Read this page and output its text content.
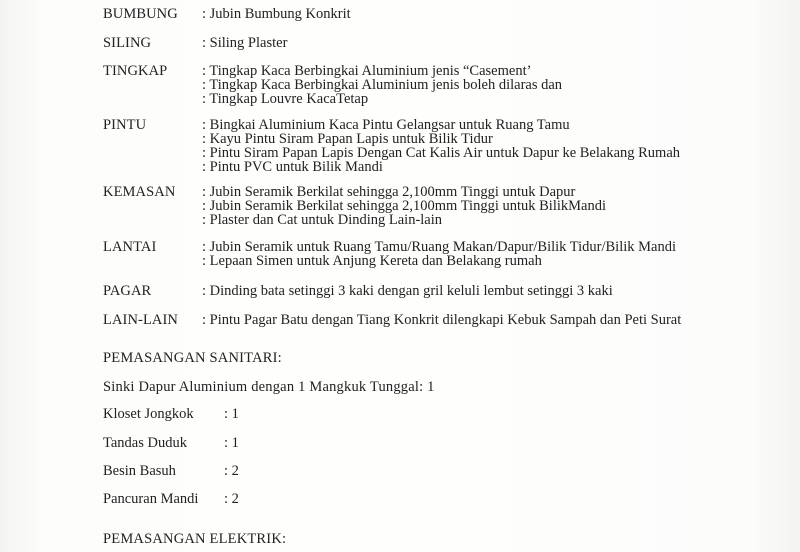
BUMBUNG	: Jubin Bumbung Konkrit
SILING	: Siling Plaster
TINGKAP	: Tingkap Kaca Berbingkai Aluminium jenis “Casement’
: Tingkap Kaca Berbingkai Aluminium jenis boleh dilaras dan
: Tingkap Louvre KacaTetap
PINTU	: Bingkai Aluminium Kaca Pintu Gelangsar untuk Ruang Tamu
: Kayu Pintu Siram Papan Lapis untuk Bilik Tidur
: Pintu Siram Papan Lapis Dengan Cat Kalis Air untuk Dapur ke Belakang Rumah
: Pintu PVC untuk Bilik Mandi
KEMASAN	: Jubin Seramik Berkilat sehingga 2,100mm Tinggi untuk Dapur
: Jubin Seramik Berkilat sehingga 2,100mm Tinggi untuk BilikMandi
: Plaster dan Cat untuk Dinding Lain-lain
LANTAI	: Jubin Seramik untuk Ruang Tamu/Ruang Makan/Dapur/Bilik Tidur/Bilik Mandi
: Lepaan Simen untuk Anjung Kereta dan Belakang rumah
PAGAR	: Dinding bata setinggi 3 kaki dengan gril keluli lembut setinggi 3 kaki
LAIN-LAIN	: Pintu Pagar Batu dengan Tiang Konkrit dilengkapi Kebuk Sampah dan Peti Surat
PEMASANGAN SANITARI:
Sinki Dapur Aluminium dengan 1 Mangkuk Tunggal: 1
Kloset Jongkok : 1
Tandas Duduk	: 1
Besin Basuh	: 2
Pancuran Mandi : 2
PEMASANGAN ELEKTRIK:
